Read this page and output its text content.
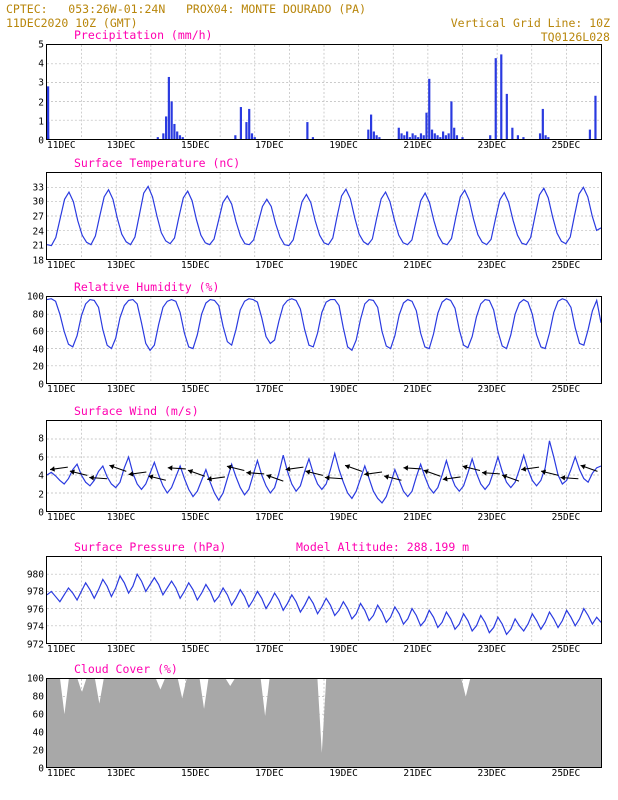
CPTEC:   053:26W-01:24N   PROX04: MONTE DOURADO (PA)
11DEC2020 10Z (GMT)	Vertical Grid Line: 10Z
TQ0126L028
Precipitation (mm/h)
0
1
2
3
4
5
11DEC	13DEC	15DEC	17DEC	19DEC	21DEC	23DEC	25DEC
Surface Temperature (nC)
18
21
24
27
30
33
11DEC	13DEC	15DEC	17DEC	19DEC	21DEC	23DEC	25DEC
Relative Humidity (%)
0
20
40
60
80
100
11DEC	13DEC	15DEC	17DEC	19DEC	21DEC	23DEC	25DEC
Surface Wind (m/s)
0
2
4
6
8
11DEC	13DEC	15DEC	17DEC	19DEC	21DEC	23DEC	25DEC
Surface Pressure (hPa)	Model Altitude: 288.199 m
972
974
976
978
980
11DEC	13DEC	15DEC	17DEC	19DEC	21DEC	23DEC	25DEC
Cloud Cover (%)
0
20
40
60
80
100
11DEC	13DEC	15DEC	17DEC	19DEC	21DEC	23DEC	25DEC
